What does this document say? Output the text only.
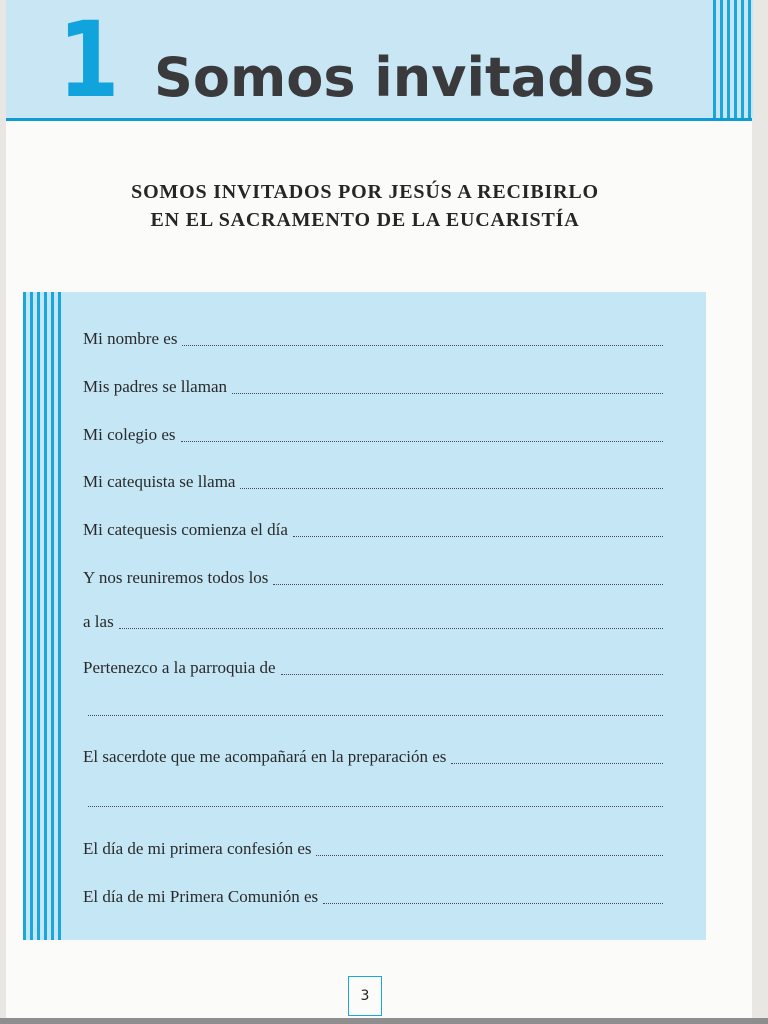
1 Somos invitados
SOMOS INVITADOS POR JESÚS A RECIBIRLO
EN EL SACRAMENTO DE LA EUCARISTÍA
Mi nombre es
Mis padres se llaman
Mi colegio es
Mi catequista se llama
Mi catequesis comienza el día
Y nos reuniremos todos los
a las
Pertenezco a la parroquia de
El sacerdote que me acompañará en la preparación es
El día de mi primera confesión es
El día de mi Primera Comunión es
3
